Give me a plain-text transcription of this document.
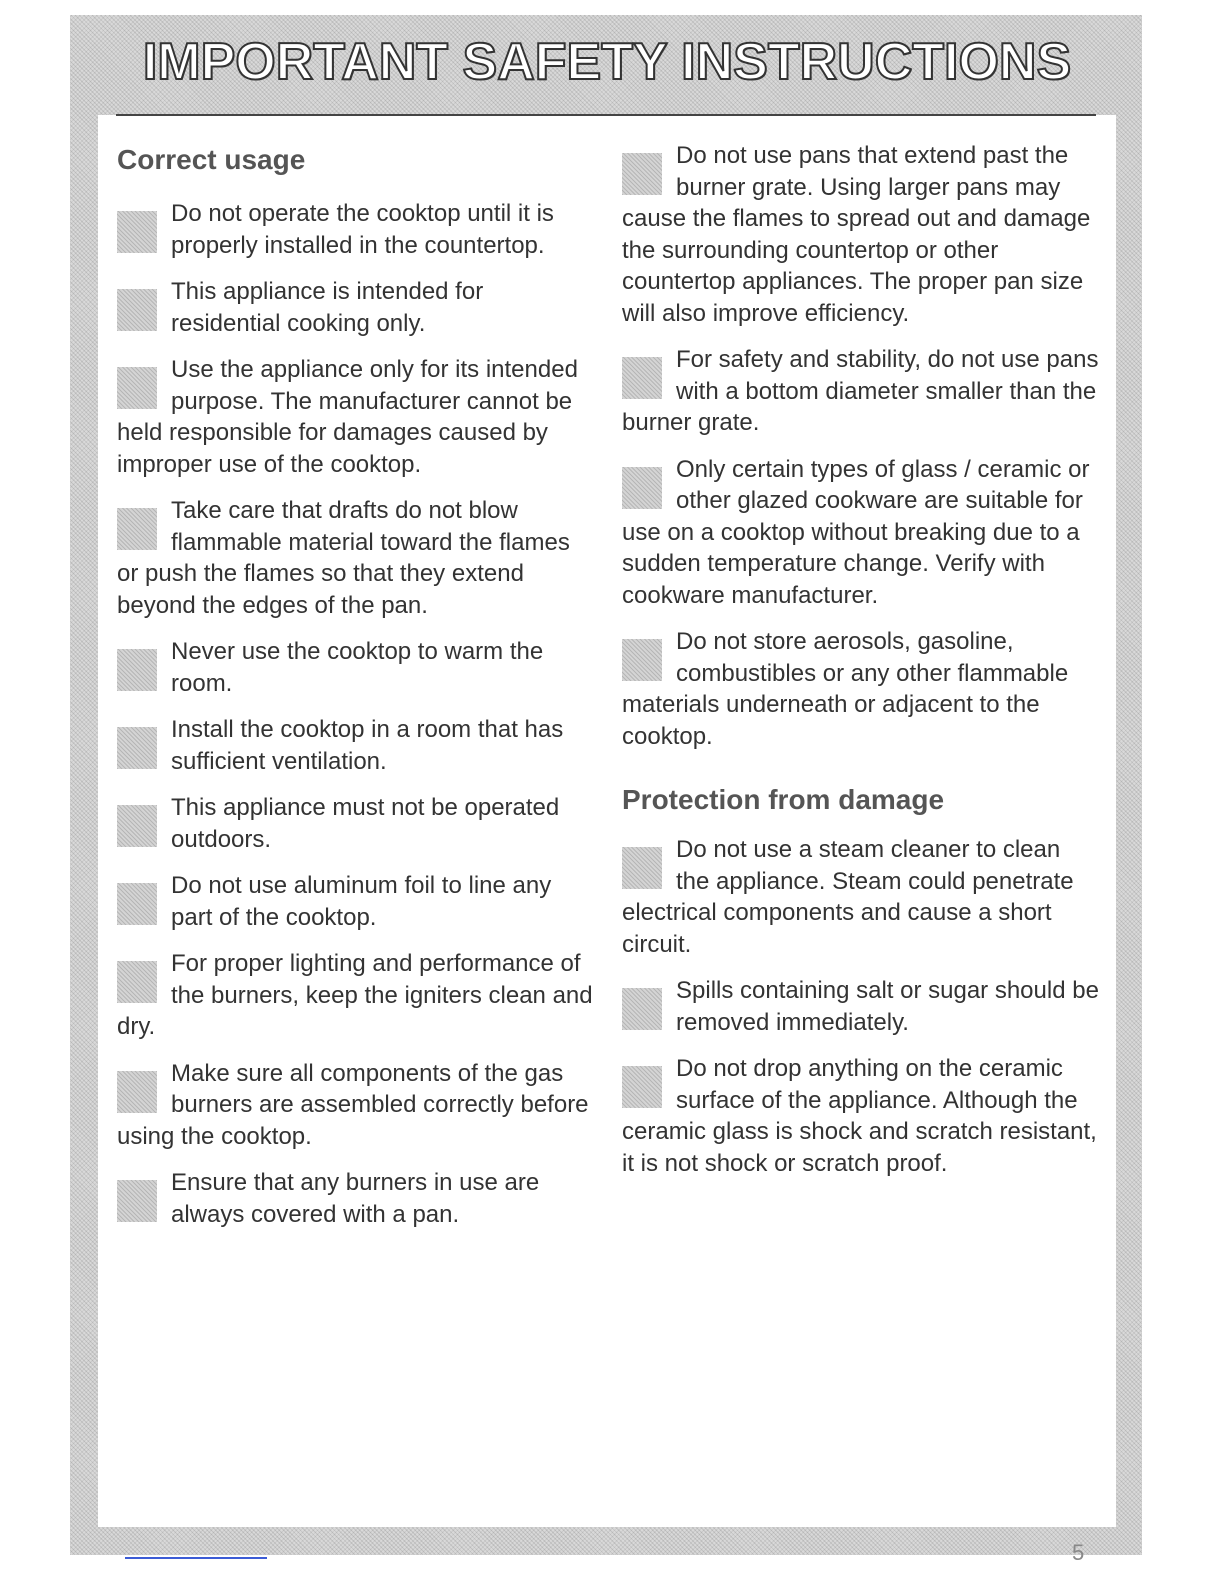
IMPORTANT SAFETY INSTRUCTIONS
Correct usage
Do not operate the cooktop until it is properly installed in the countertop.
This appliance is intended for residential cooking only.
Use the appliance only for its intended purpose. The manufacturer cannot be held responsible for damages caused by improper use of the cooktop.
Take care that drafts do not blow flammable material toward the flames or push the flames so that they extend beyond the edges of the pan.
Never use the cooktop to warm the room.
Install the cooktop in a room that has sufficient ventilation.
This appliance must not be operated outdoors.
Do not use aluminum foil to line any part of the cooktop.
For proper lighting and performance of the burners, keep the igniters clean and dry.
Make sure all components of the gas burners are assembled correctly before using the cooktop.
Ensure that any burners in use are always covered with a pan.
Do not use pans that extend past the burner grate. Using larger pans may cause the flames to spread out and damage the surrounding countertop or other countertop appliances. The proper pan size will also improve efficiency.
For safety and stability, do not use pans with a bottom diameter smaller than the burner grate.
Only certain types of glass / ceramic or other glazed cookware are suitable for use on a cooktop without breaking due to a sudden temperature change. Verify with cookware manufacturer.
Do not store aerosols, gasoline, combustibles or any other flammable materials underneath or adjacent to the cooktop.
Protection from damage
Do not use a steam cleaner to clean the appliance. Steam could penetrate electrical components and cause a short circuit.
Spills containing salt or sugar should be removed immediately.
Do not drop anything on the ceramic surface of the appliance. Although the ceramic glass is shock and scratch resistant, it is not shock or scratch proof.
5
